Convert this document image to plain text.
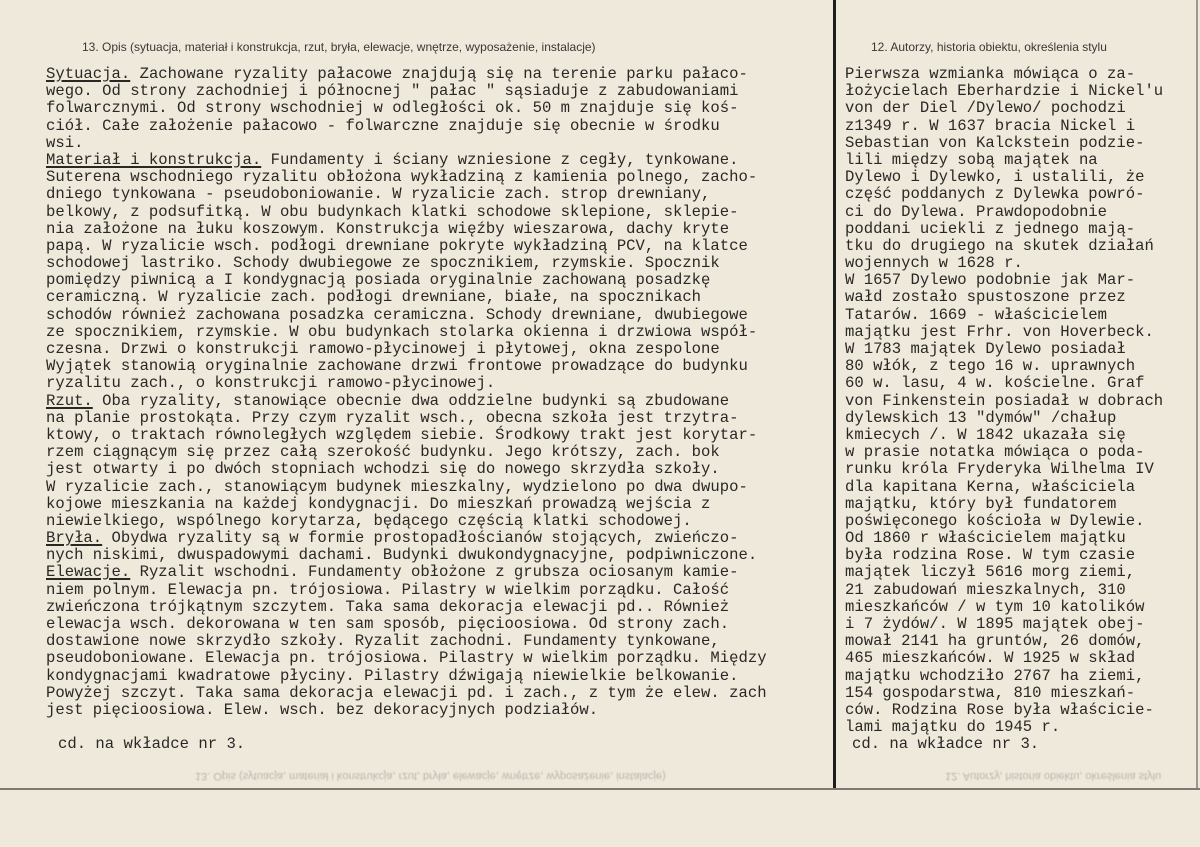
13. Opis (sytuacja, materiał i konstrukcja, rzut, bryła, elewacje, wnętrze, wyposażenie, instalacje)	12. Autorzy, historia obiektu, określenia stylu
Sytuacja. Zachowane ryzality pałacowe znajdują się na terenie parku pałaco-
wego. Od strony zachodniej i północnej " pałac " sąsiaduje z zabudowaniami
folwarcznymi. Od strony wschodniej w odległości ok. 50 m znajduje się koś-
ciół. Całe założenie pałacowo - folwarczne znajduje się obecnie w środku
wsi.
Materiał i konstrukcja. Fundamenty i ściany wzniesione z cegły, tynkowane.
Suterena wschodniego ryzalitu obłożona wykładziną z kamienia polnego, zacho-
dniego tynkowana - pseudoboniowanie. W ryzalicie zach. strop drewniany,
belkowy, z podsufitką. W obu budynkach klatki schodowe sklepione, sklepie-
nia założone na łuku koszowym. Konstrukcja więźby wieszarowa, dachy kryte
papą. W ryzalicie wsch. podłogi drewniane pokryte wykładziną PCV, na klatce
schodowej lastriko. Schody dwubiegowe ze spocznikiem, rzymskie. Spocznik
pomiędzy piwnicą a I kondygnacją posiada oryginalnie zachowaną posadzkę
ceramiczną. W ryzalicie zach. podłogi drewniane, białe, na spocznikach
schodów również zachowana posadzka ceramiczna. Schody drewniane, dwubiegowe
ze spocznikiem, rzymskie. W obu budynkach stolarka okienna i drzwiowa współ-
czesna. Drzwi o konstrukcji ramowo-płycinowej i płytowej, okna zespolone
Wyjątek stanowią oryginalnie zachowane drzwi frontowe prowadzące do budynku
ryzalitu zach., o konstrukcji ramowo-płycinowej.
Rzut. Oba ryzality, stanowiące obecnie dwa oddzielne budynki są zbudowane
na planie prostokąta. Przy czym ryzalit wsch., obecna szkoła jest trzytra-
ktowy, o traktach równoległych względem siebie. Środkowy trakt jest korytar-
rzem ciągnącym się przez całą szerokość budynku. Jego krótszy, zach. bok
jest otwarty i po dwóch stopniach wchodzi się do nowego skrzydła szkoły.
W ryzalicie zach., stanowiącym budynek mieszkalny, wydzielono po dwa dwupo-
kojowe mieszkania na każdej kondygnacji. Do mieszkań prowadzą wejścia z
niewielkiego, wspólnego korytarza, będącego częścią klatki schodowej.
Bryła. Obydwa ryzality są w formie prostopadłościanów stojących, zwieńczo-
nych niskimi, dwuspadowymi dachami. Budynki dwukondygnacyjne, podpiwniczone.
Elewacje. Ryzalit wschodni. Fundamenty obłożone z grubsza ociosanym kamie-
niem polnym. Elewacja pn. trójosiowa. Pilastry w wielkim porządku. Całość
zwieńczona trójkątnym szczytem. Taka sama dekoracja elewacji pd.. Również
elewacja wsch. dekorowana w ten sam sposób, pięcioosiowa. Od strony zach.
dostawione nowe skrzydło szkoły. Ryzalit zachodni. Fundamenty tynkowane,
pseudoboniowane. Elewacja pn. trójosiowa. Pilastry w wielkim porządku. Między
kondygnacjami kwadratowe płyciny. Pilastry dźwigają niewielkie belkowanie.
Powyżej szczyt. Taka sama dekoracja elewacji pd. i zach., z tym że elew. zach
jest pięcioosiowa. Elew. wsch. bez dekoracyjnych podziałów.
Pierwsza wzmianka mówiąca o za-
łożycielach Eberhardzie i Nickel'u
von der Diel /Dylewo/ pochodzi
z1349 r. W 1637 bracia Nickel i
Sebastian von Kalckstein podzie-
lili między sobą majątek na
Dylewo i Dylewko, i ustalili, że
część poddanych z Dylewka powró-
ci do Dylewa. Prawdopodobnie
poddani uciekli z jednego mają-
tku do drugiego na skutek działań
wojennych w 1628 r.
W 1657 Dylewo podobnie jak Mar-
wałd zostało spustoszone przez
Tatarów. 1669 - właścicielem
majątku jest Frhr. von Hoverbeck.
W 1783 majątek Dylewo posiadał
80 włók, z tego 16 w. uprawnych
60 w. lasu, 4 w. kościelne. Graf
von Finkenstein posiadał w dobrach
dylewskich 13 "dymów" /chałup
kmiecych /. W 1842 ukazała się
w prasie notatka mówiąca o poda-
runku króla Fryderyka Wilhelma IV
dla kapitana Kerna, właściciela
majątku, który był fundatorem
poświęconego kościoła w Dylewie.
Od 1860 r właścicielem majątku
była rodzina Rose. W tym czasie
majątek liczył 5616 morg ziemi,
21 zabudowań mieszkalnych, 310
mieszkańców / w tym 10 katolików
i 7 żydów/. W 1895 majątek obej-
mował 2141 ha gruntów, 26 domów,
465 mieszkańców. W 1925 w skład
majątku wchodziło 2767 ha ziemi,
154 gospodarstwa, 810 mieszkań-
ców. Rodzina Rose była właścicie-
lami majątku do 1945 r.
cd. na wkładce nr 3.	cd. na wkładce nr 3.
13. Opis (sytuacja, materiał i konstrukcja, rzut, bryła, elewacje, wnętrze, wyposażenie, instalacje)	12. Autorzy, historia obiektu, określenia stylu
